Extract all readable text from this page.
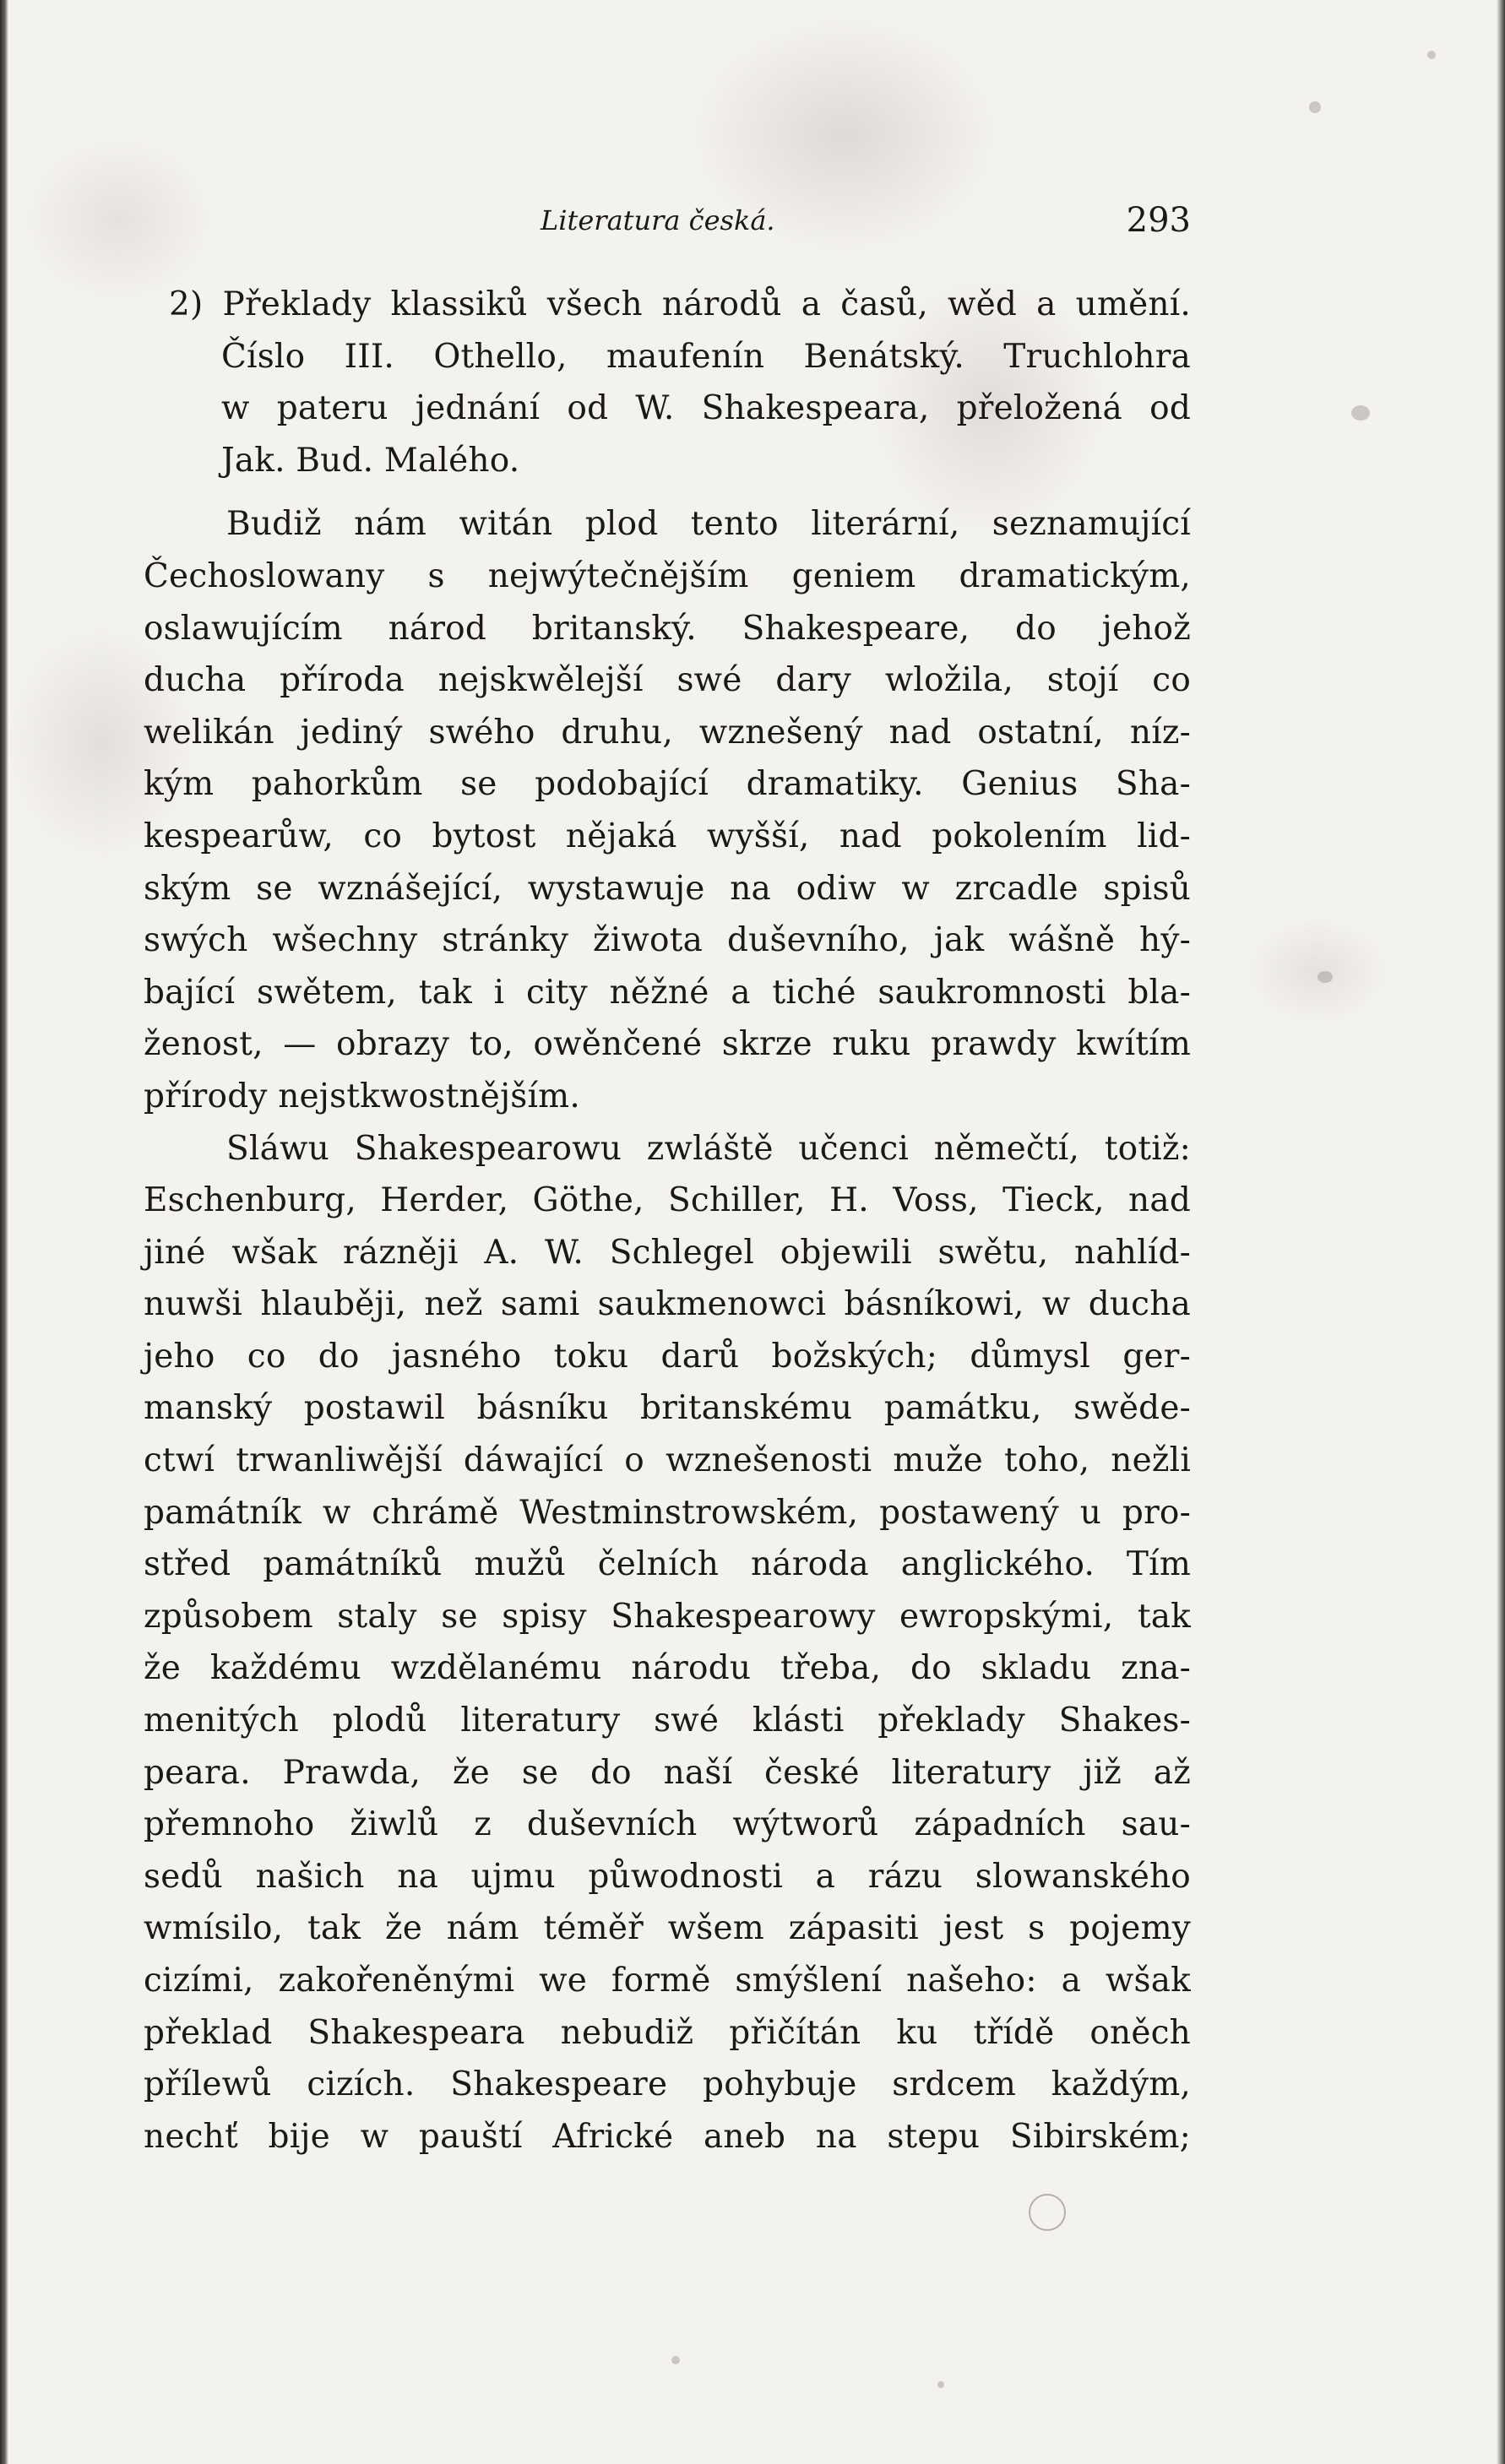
Literatura česká.	293
2) Překlady klassiků všech národů a časů, wěd a umění.
Číslo III. Othello, maufenín Benátský. Truchlohra
w pateru jednání od W. Shakespeara, přeložená od
Jak. Bud. Malého.
Budiž nám witán plod tento literární, seznamující
Čechoslowany s nejwýtečnějším geniem dramatickým,
oslawujícím národ britanský. Shakespeare, do jehož
ducha příroda nejskwělejší swé dary wložila, stojí co
welikán jediný swého druhu, wznešený nad ostatní, níz-
kým pahorkům se podobající dramatiky. Genius Sha-
kespearůw, co bytost nějaká wyšší, nad pokolením lid-
ským se wznášející, wystawuje na odiw w zrcadle spisů
swých wšechny stránky žiwota duševního, jak wášně hý-
bající swětem, tak i city něžné a tiché saukromnosti bla-
ženost, — obrazy to, owěnčené skrze ruku prawdy kwítím
přírody nejstkwostnějším.
Sláwu Shakespearowu zwláště učenci němečtí, totiž:
Eschenburg, Herder, Göthe, Schiller, H. Voss, Tieck, nad
jiné wšak rázněji A. W. Schlegel objewili swětu, nahlíd-
nuwši hlauběji, než sami saukmenowci básníkowi, w ducha
jeho co do jasného toku darů božských; důmysl ger-
manský postawil básníku britanskému památku, swěde-
ctwí trwanliwější dáwající o wznešenosti muže toho, nežli
památník w chrámě Westminstrowském, postawený u pro-
střed památníků mužů čelních národa anglického. Tím
způsobem staly se spisy Shakespearowy ewropskými, tak
že každému wzdělanému národu třeba, do skladu zna-
menitých plodů literatury swé klásti překlady Shakes-
peara. Prawda, že se do naší české literatury již až
přemnoho žiwlů z duševních wýtworů západních sau-
sedů našich na ujmu půwodnosti a rázu slowanského
wmísilo, tak že nám téměř wšem zápasiti jest s pojemy
cizími, zakořeněnými we formě smýšlení našeho: a wšak
překlad Shakespeara nebudiž přičítán ku třídě oněch
přílewů cizích. Shakespeare pohybuje srdcem každým,
nechť bije w pauští Africké aneb na stepu Sibirském;
